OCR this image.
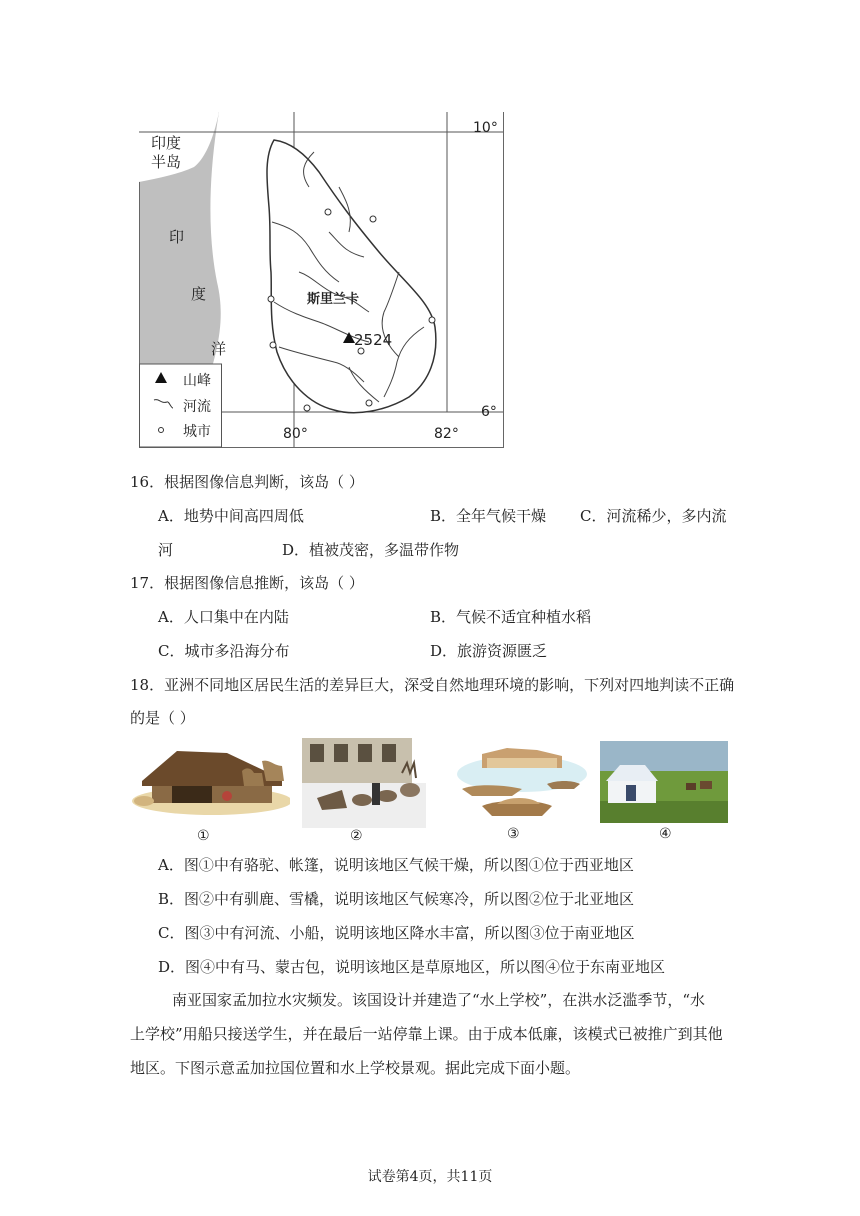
印度
半岛
印
度
洋
斯里兰卡
2524
10°
6°
80°	82°
山峰
河流
城市
16．根据图像信息判断，该岛（ ）
A．地势中间高四周低	B．全年气候干燥 C．河流稀少，多内流
河	D．植被茂密，多温带作物
17．根据图像信息推断，该岛（ ）
A．人口集中在内陆	B．气候不适宜种植水稻
C．城市多沿海分布	D．旅游资源匮乏
18．亚洲不同地区居民生活的差异巨大，深受自然地理环境的影响，下列对四地判读不正确
的是（ ）
①	②	③	④
A．图①中有骆驼、帐篷，说明该地区气候干燥，所以图①位于西亚地区
B．图②中有驯鹿、雪橇，说明该地区气候寒冷，所以图②位于北亚地区
C．图③中有河流、小船，说明该地区降水丰富，所以图③位于南亚地区
D．图④中有马、蒙古包，说明该地区是草原地区，所以图④位于东南亚地区
南亚国家孟加拉水灾频发。该国设计并建造了“水上学校”，在洪水泛滥季节，“水
上学校”用船只接送学生，并在最后一站停靠上课。由于成本低廉，该模式已被推广到其他
地区。下图示意孟加拉国位置和水上学校景观。据此完成下面小题。
试卷第4页，共11页
